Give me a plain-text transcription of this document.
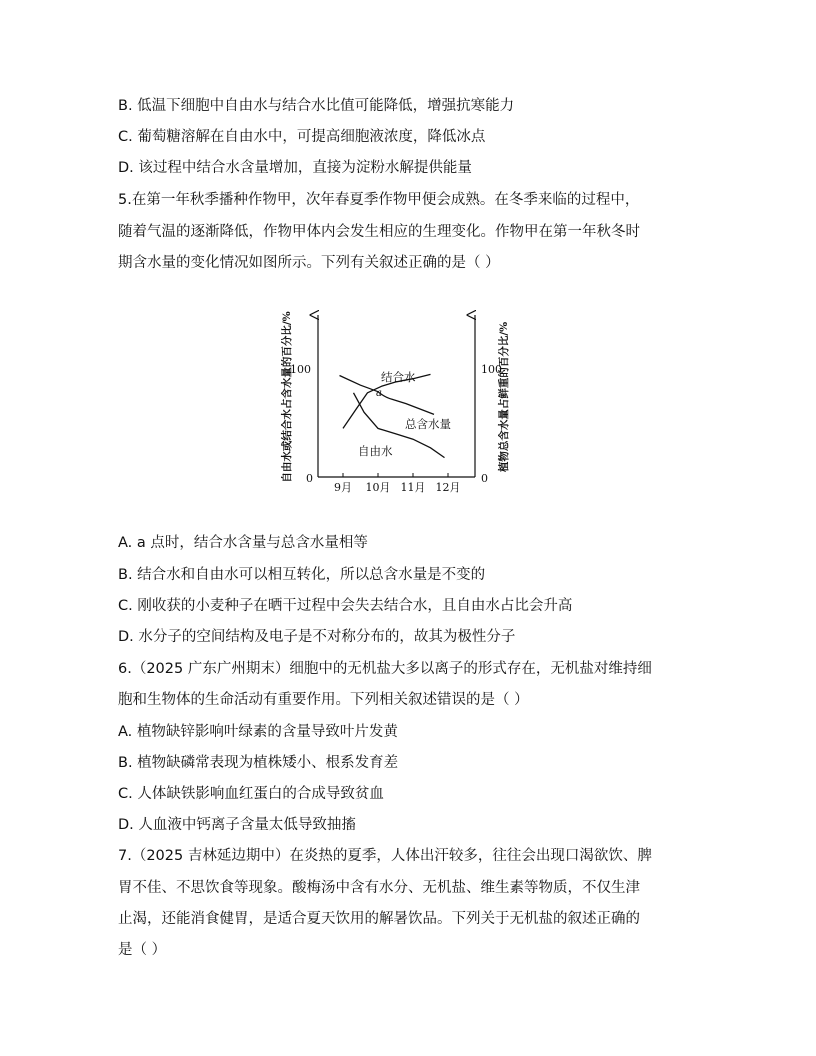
B. 低温下细胞中自由水与结合水比值可能降低，增强抗寒能力
C. 葡萄糖溶解在自由水中，可提高细胞液浓度，降低冰点
D. 该过程中结合水含量增加，直接为淀粉水解提供能量
5.在第一年秋季播种作物甲，次年春夏季作物甲便会成熟。在冬季来临的过程中，
随着气温的逐渐降低，作物甲体内会发生相应的生理变化。作物甲在第一年秋冬时
期含水量的变化情况如图所示。下列有关叙述正确的是（ ）
100
0
100
0
9月 10月 11月 12月
自由水或结合水占含水量的百分比/%	植物总含水量占鲜重的百分比/%
结合水
总含水量
自由水
a
A. a 点时，结合水含量与总含水量相等
B. 结合水和自由水可以相互转化，所以总含水量是不变的
C. 刚收获的小麦种子在晒干过程中会失去结合水，且自由水占比会升高
D. 水分子的空间结构及电子是不对称分布的，故其为极性分子
6.（2025 广东广州期末）细胞中的无机盐大多以离子的形式存在，无机盐对维持细
胞和生物体的生命活动有重要作用。下列相关叙述错误的是（ ）
A. 植物缺锌影响叶绿素的含量导致叶片发黄
B. 植物缺磷常表现为植株矮小、根系发育差
C. 人体缺铁影响血红蛋白的合成导致贫血
D. 人血液中钙离子含量太低导致抽搐
7.（2025 吉林延边期中）在炎热的夏季，人体出汗较多，往往会出现口渴欲饮、脾
胃不佳、不思饮食等现象。酸梅汤中含有水分、无机盐、维生素等物质，不仅生津
止渴，还能消食健胃，是适合夏天饮用的解暑饮品。下列关于无机盐的叙述正确的
是（ ）
